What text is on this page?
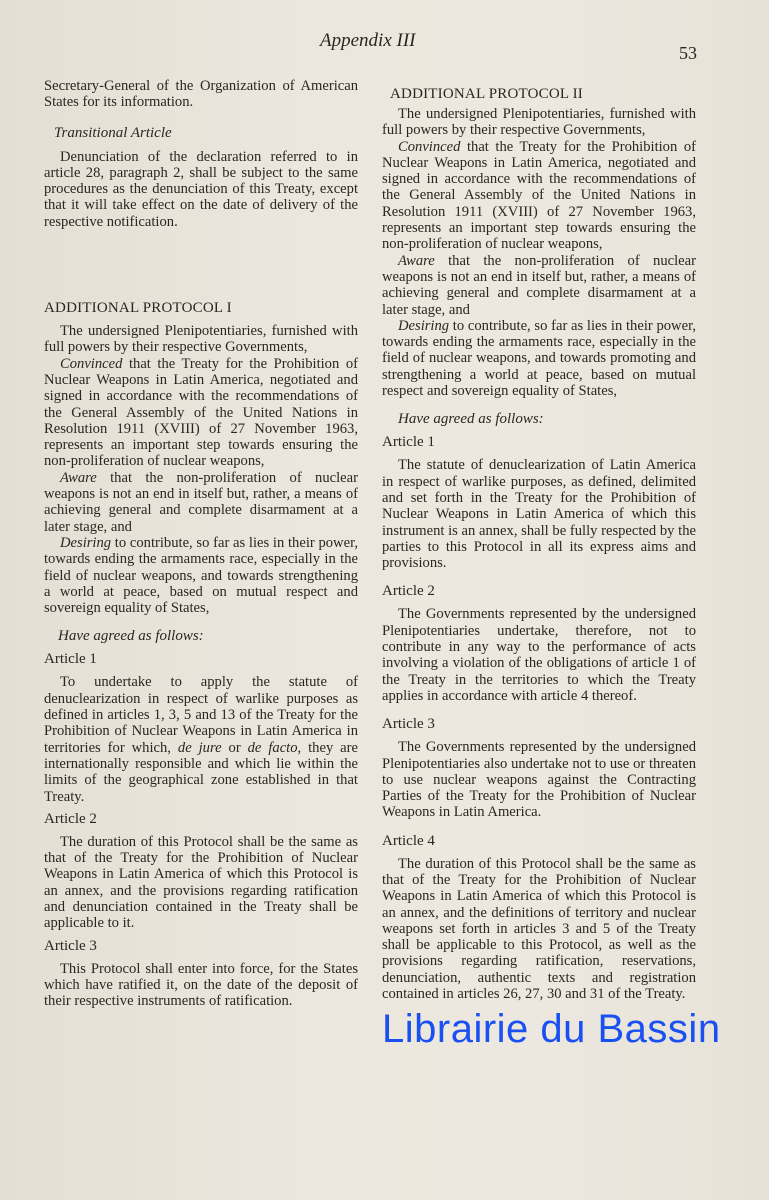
Appendix III
53

Secretary-General of the Organization of American States for its information.

Transitional Article

Denunciation of the declaration referred to in article 28, paragraph 2, shall be subject to the same procedures as the denunciation of this Treaty, except that it will take effect on the date of delivery of the respective notification.

ADDITIONAL PROTOCOL I

The undersigned Plenipotentiaries, furnished with full powers by their respective Governments,

Convinced that the Treaty for the Prohibition of Nuclear Weapons in Latin America, negotiated and signed in accordance with the recommendations of the General Assembly of the United Nations in Resolution 1911 (XVIII) of 27 November 1963, represents an important step towards ensuring the non-proliferation of nuclear weapons,

Aware that the non-proliferation of nuclear weapons is not an end in itself but, rather, a means of achieving general and complete disarmament at a later stage, and

Desiring to contribute, so far as lies in their power, towards ending the armaments race, especially in the field of nuclear weapons, and towards strengthening a world at peace, based on mutual respect and sovereign equality of States,

Have agreed as follows:
Article 1

To undertake to apply the statute of denuclearization in respect of warlike purposes as defined in articles 1, 3, 5 and 13 of the Treaty for the Prohibition of Nuclear Weapons in Latin America in territories for which, de jure or de facto, they are internationally responsible and which lie within the limits of the geographical zone established in that Treaty.

Article 2

The duration of this Protocol shall be the same as that of the Treaty for the Prohibition of Nuclear Weapons in Latin America of which this Protocol is an annex, and the provisions regarding ratification and denunciation contained in the Treaty shall be applicable to it.

Article 3

This Protocol shall enter into force, for the States which have ratified it, on the date of the deposit of their respective instruments of ratification.

ADDITIONAL PROTOCOL II

The undersigned Plenipotentiaries, furnished with full powers by their respective Governments,

Convinced that the Treaty for the Prohibition of Nuclear Weapons in Latin America, negotiated and signed in accordance with the recommendations of the General Assembly of the United Nations in Resolution 1911 (XVIII) of 27 November 1963, represents an important step towards ensuring the non-proliferation of nuclear weapons,

Aware that the non-proliferation of nuclear weapons is not an end in itself but, rather, a means of achieving general and complete disarmament at a later stage, and

Desiring to contribute, so far as lies in their power, towards ending the armaments race, especially in the field of nuclear weapons, and towards promoting and strengthening a world at peace, based on mutual respect and sovereign equality of States,

Have agreed as follows:
Article 1

The statute of denuclearization of Latin America in respect of warlike purposes, as defined, delimited and set forth in the Treaty for the Prohibition of Nuclear Weapons in Latin America of which this instrument is an annex, shall be fully respected by the parties to this Protocol in all its express aims and provisions.

Article 2

The Governments represented by the undersigned Plenipotentiaries undertake, therefore, not to contribute in any way to the performance of acts involving a violation of the obligations of article 1 of the Treaty in the territories to which the Treaty applies in accordance with article 4 thereof.

Article 3

The Governments represented by the undersigned Plenipotentiaries also undertake not to use or threaten to use nuclear weapons against the Contracting Parties of the Treaty for the Prohibition of Nuclear Weapons in Latin America.

Article 4

The duration of this Protocol shall be the same as that of the Treaty for the Prohibition of Nuclear Weapons in Latin America of which this Protocol is an annex, and the definitions of territory and nuclear weapons set forth in articles 3 and 5 of the Treaty shall be applicable to this Protocol, as well as the provisions regarding ratification, reservations, denunciation, authentic texts and registration contained in articles 26, 27, 30 and 31 of the Treaty.

Librairie du Bassin
